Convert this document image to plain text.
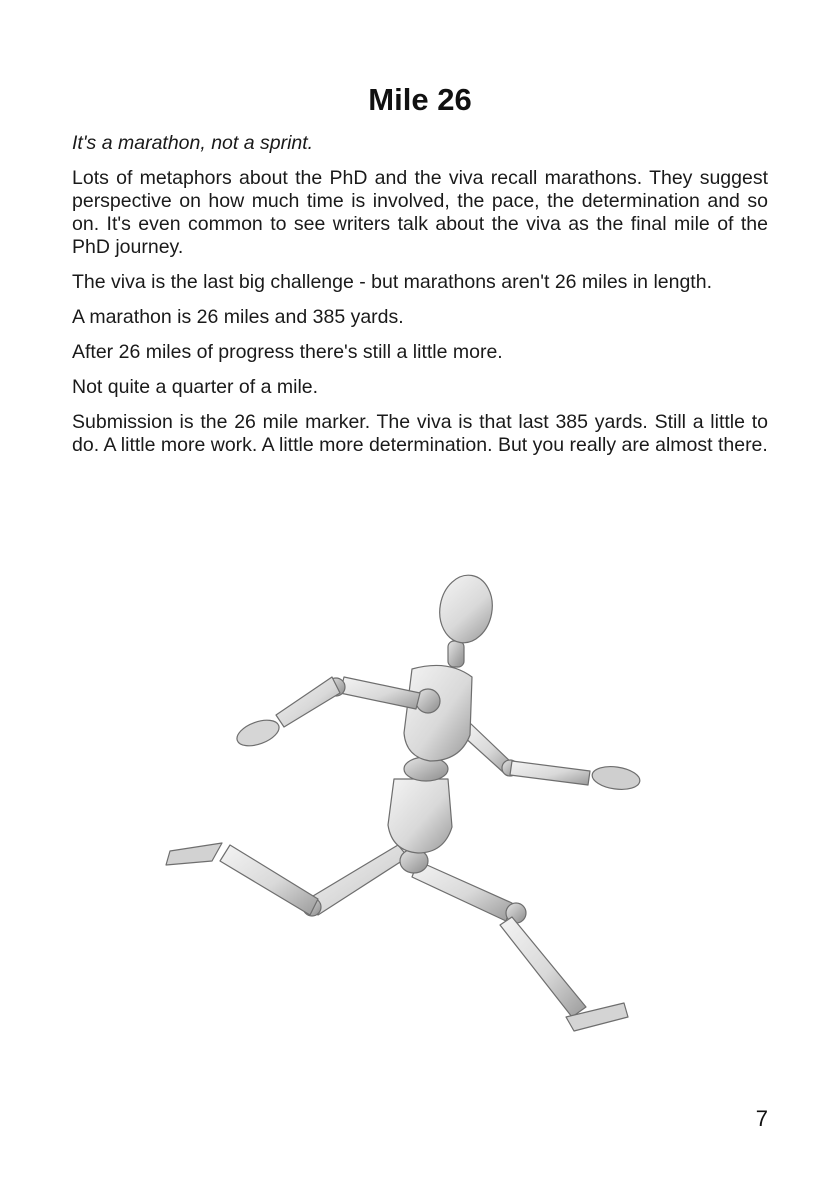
Mile 26

It's a marathon, not a sprint.

Lots of metaphors about the PhD and the viva recall marathons. They suggest perspective on how much time is involved, the pace, the determination and so on. It's even common to see writers talk about the viva as the final mile of the PhD journey.

The viva is the last big challenge - but marathons aren't 26 miles in length.

A marathon is 26 miles and 385 yards.

After 26 miles of progress there's still a little more.

Not quite a quarter of a mile.

Submission is the 26 mile marker. The viva is that last 385 yards. Still a little to do. A little more work. A little more determination. But you really are almost there.

7
